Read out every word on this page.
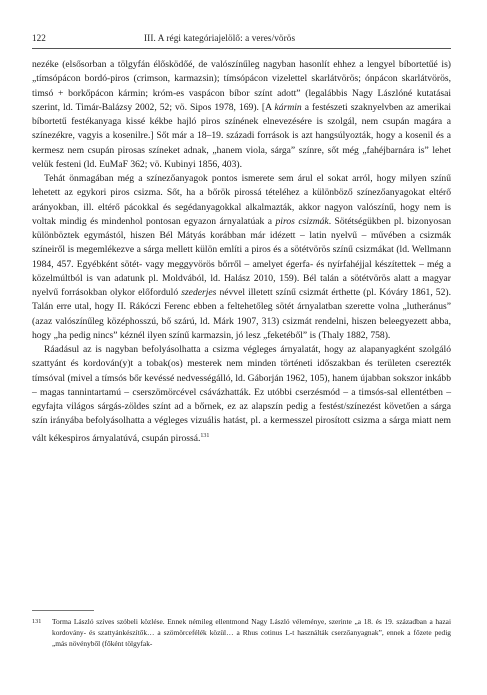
122	III. A régi kategóriajelölő: a veres/vörös

nezéke (elsősorban a tölgyfán élősködőé, de valószínűleg nagyban hasonlít ehhez a lengyel bíbortetűé is) „tímsópácon bordó-piros (crimson, karmazsin); tímsópácon vizelettel skarlátvörös; ónpácon skarlátvörös, timsó + borkőpácon kármin; króm-es vaspácon bíbor színt adott” (legalábbis Nagy Lászlóné kutatásai szerint, ld. Timár-Balázsy 2002, 52; vö. Sipos 1978, 169). [A kármin a festészeti szaknyelvben az amerikai bíbortetű festékanyaga kissé kékbe hajló piros színének elnevezésére is szolgál, nem csupán magára a színezékre, vagyis a kosenilre.] Sőt már a 18–19. századi források is azt hangsúlyozták, hogy a kosenil és a kermesz nem csupán pirosas színeket adnak, „hanem viola, sárga” színre, sőt még „fahéjbarnára is” lehet velük festeni (ld. EuMaF 362; vö. Kubinyi 1856, 403).

Tehát önmagában még a színezőanyagok pontos ismerete sem árul el sokat arról, hogy milyen színű lehetett az egykori piros csizma. Sőt, ha a bőrök pirossá tételéhez a különböző színezőanyagokat eltérő arányokban, ill. eltérő pácokkal és segédanyagokkal alkalmazták, akkor nagyon valószínű, hogy nem is voltak mindig és mindenhol pontosan egyazon árnyalatúak a piros csizmák. Sötétségükben pl. bizonyosan különböztek egymástól, hiszen Bél Mátyás korábban már idézett – latin nyelvű – művében a csizmák színeiről is megemlékezve a sárga mellett külön említi a piros és a sötétvörös színű csizmákat (ld. Wellmann 1984, 457. Egyébként sötét- vagy meggyvörös bőrről – amelyet égerfa- és nyírfahéjjal készítettek – még a közelmúltból is van adatunk pl. Moldvából, ld. Halász 2010, 159). Bél talán a sötétvörös alatt a magyar nyelvű forrásokban olykor előforduló szederjes névvel illetett színű csizmát érthette (pl. Kóváry 1861, 52). Talán erre utal, hogy II. Rákóczi Ferenc ebben a feltehetőleg sötét árnyalatban szerette volna „lutheránus” (azaz valószínűleg középhosszú, bő szárú, ld. Márk 1907, 313) csizmát rendelni, hiszen beleegyezett abba, hogy „ha pedig nincs” kéznél ilyen színű karmazsin, jó lesz „feketéből” is (Thaly 1882, 758).

Ráadásul az is nagyban befolyásolhatta a csizma végleges árnyalatát, hogy az alapanyagként szolgáló szattyánt és kordován(y)t a tobak(os) mesterek nem minden történeti időszakban és területen cserezték tímsóval (mivel a tímsós bőr kevéssé nedvességálló, ld. Gáborján 1962, 105), hanem újabban sokszor inkább – magas tannintartamú – cserszömörcével csávázhatták. Ez utóbbi cserzésmód – a timsós-sal ellentétben – egyfajta világos sárgás-zöldes színt ad a bőrnek, ez az alapszín pedig a festést/színezést követően a sárga szín irányába befolyásolhatta a végleges vizuális hatást, pl. a kermesszel pirosított csizma a sárga miatt nem vált kékespiros árnyalatúvá, csupán pirossá.$^{131}$

131	Torma László szíves szóbeli közlése. Ennek némileg ellentmond Nagy László véleménye, szerinte „a 18. és 19. században a hazai kordovány- és szattyánkészítők… a szömörcefélék közül… a Rhus cotinus L-t használták cserzőanyagnak”, ennek a főzete pedig „más növényből (főként tölgyfak-
